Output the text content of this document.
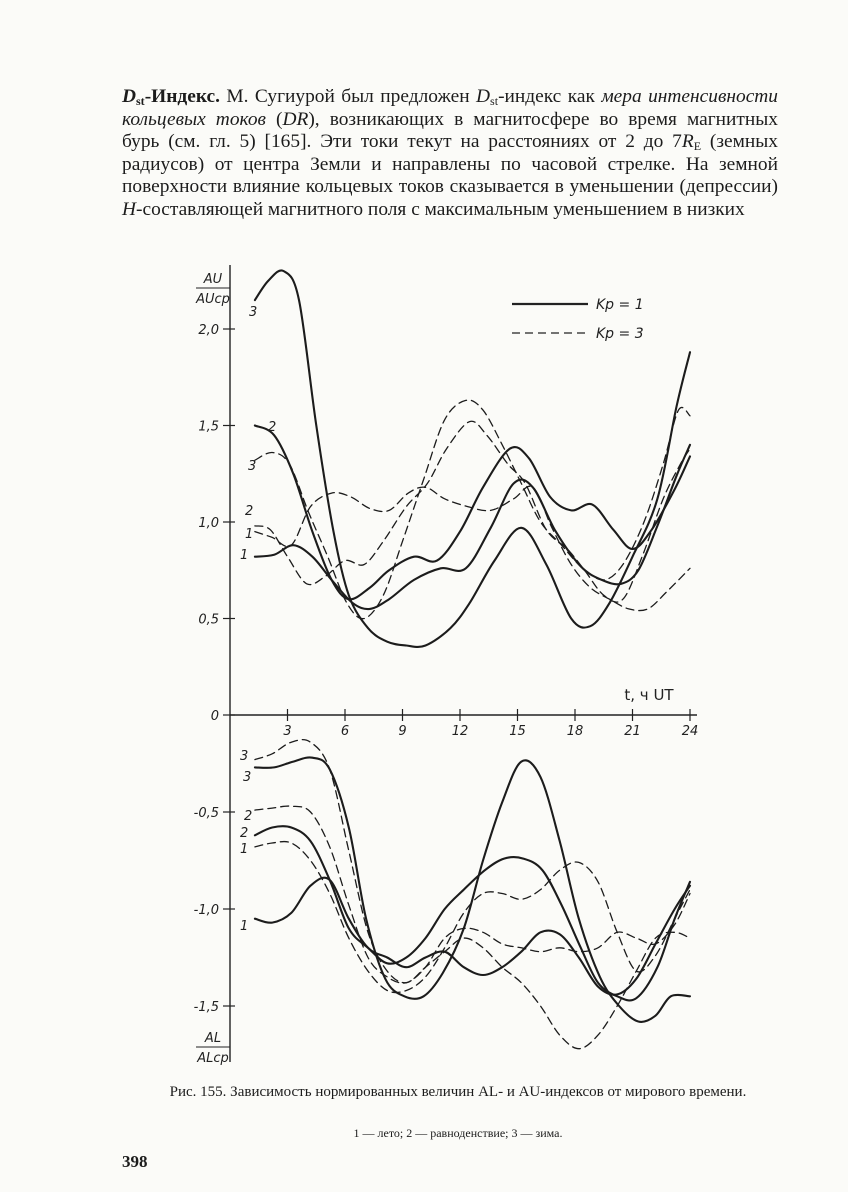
$D_{st}$-Индекс. М. Сугиурой был предложен $D_{st}$-индекс как мера интенсивности кольцевых токов (DR), возникающих в магнитосфере во время магнитных бурь (см. гл. 5) [165]. Эти токи текут на расстояниях от 2 до $7R_E$ (земных радиусов) от центра Земли и направлены по часовой стрелке. На земной поверхности влияние кольцевых токов сказывается в уменьшении (депрессии) H-составляющей магнитного поля с максимальным уменьшением в низких
3	6	9	12	15	18	21	24
t, ч UT
2,0
1,5
1,0
0,5
0
-0,5
-1,0
-1,5
AU
AUср
AL
ALср
Kp = 1
Kp = 3
3
2
3
2
1
1
3
3
2
2
1
1
Рис. 155. Зависимость нормированных величин AL- и AU-индексов от мирового времени.
1 — лето; 2 — равноденствие; 3 — зима.
398
